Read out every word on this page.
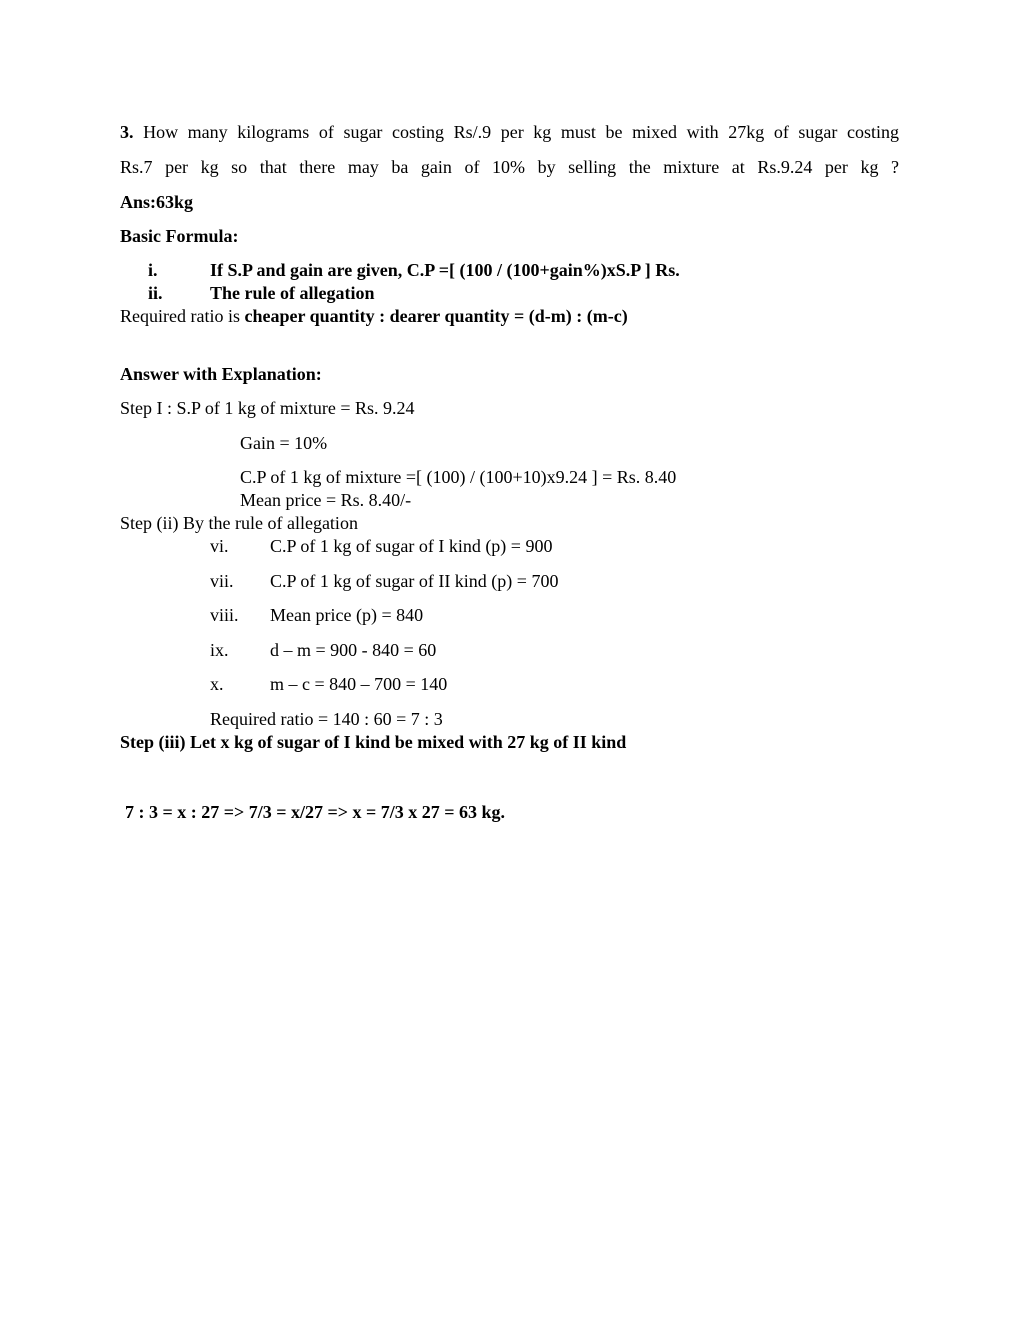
3. How many kilograms of sugar costing Rs/.9 per kg must be mixed with 27kg of sugar costing
Rs.7 per kg so that there may ba gain of 10% by selling the mixture at Rs.9.24 per kg ?
Ans:63kg
Basic Formula:
i.	If S.P and gain are given, C.P =[ (100 / (100+gain%)xS.P ] Rs.
ii.	The rule of allegation
Required ratio is cheaper quantity : dearer quantity = (d-m) : (m-c)
Answer with Explanation:
Step I : S.P of 1 kg of mixture = Rs. 9.24
Gain = 10%
C.P of 1 kg of mixture =[ (100) / (100+10)x9.24 ] = Rs. 8.40
Mean price = Rs. 8.40/-
Step (ii) By the rule of allegation
vi. C.P of 1 kg of sugar of I kind (p) = 900
vii. C.P of 1 kg of sugar of II kind (p) = 700
viii. Mean price (p) = 840
ix. d – m = 900 - 840 = 60
x.	m – c = 840 – 700 = 140
Required ratio = 140 : 60 = 7 : 3
Step (iii) Let x kg of sugar of I kind be mixed with 27 kg of II kind
7 : 3 = x : 27 => 7/3 = x/27 => x = 7/3 x 27 = 63 kg.
